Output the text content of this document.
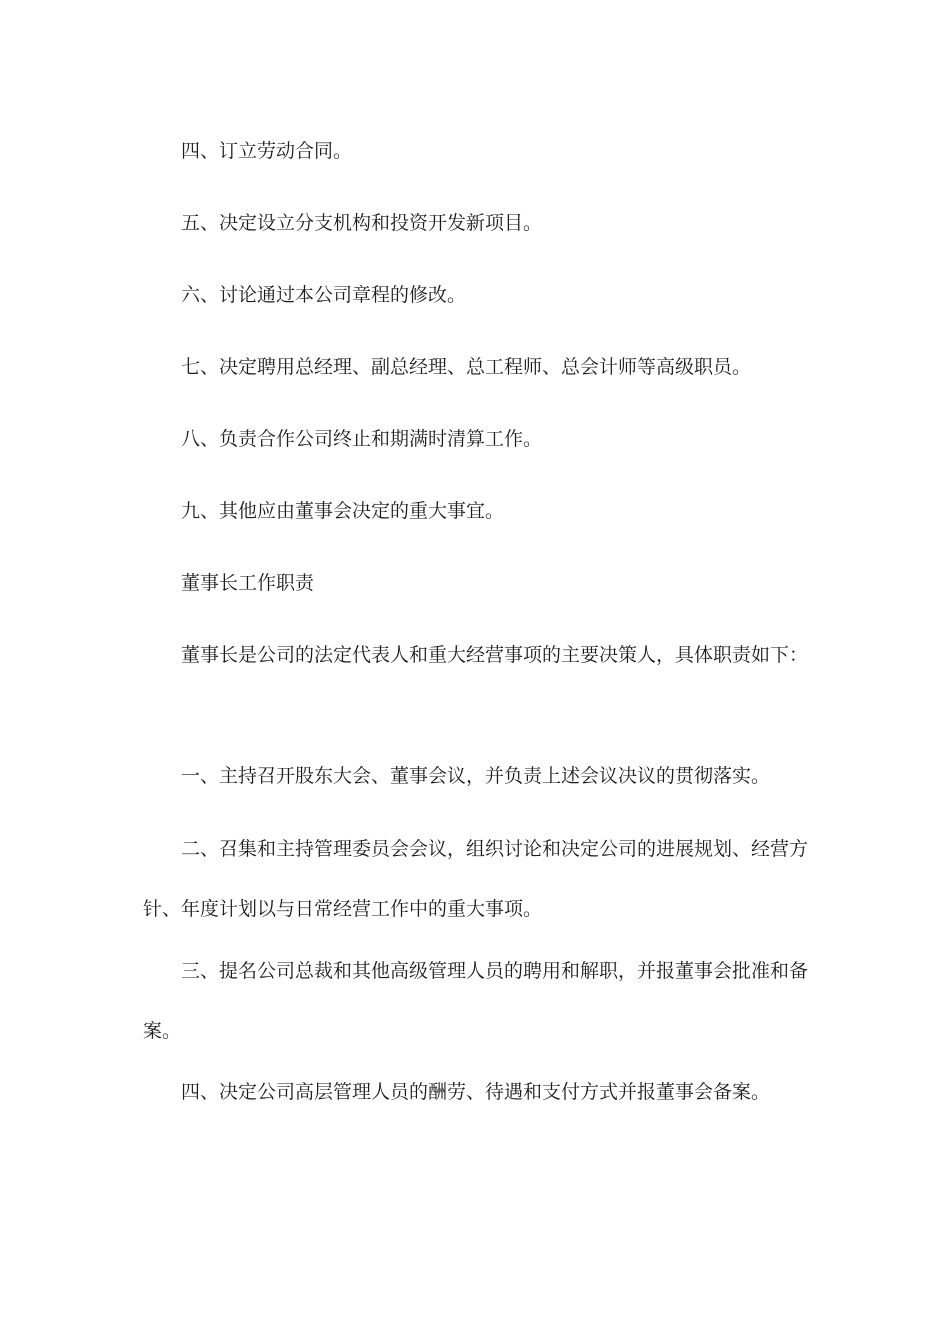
四、订立劳动合同。

五、决定设立分支机构和投资开发新项目。

六、讨论通过本公司章程的修改。

七、决定聘用总经理、副总经理、总工程师、总会计师等高级职员。

八、负责合作公司终止和期满时清算工作。

九、其他应由董事会决定的重大事宜。

董事长工作职责

董事长是公司的法定代表人和重大经营事项的主要决策人，具体职责如下：

一、主持召开股东大会、董事会议，并负责上述会议决议的贯彻落实。

二、召集和主持管理委员会会议，组织讨论和决定公司的进展规划、经营方针、年度计划以与日常经营工作中的重大事项。

三、提名公司总裁和其他高级管理人员的聘用和解职，并报董事会批准和备案。

四、决定公司高层管理人员的酬劳、待遇和支付方式并报董事会备案。
